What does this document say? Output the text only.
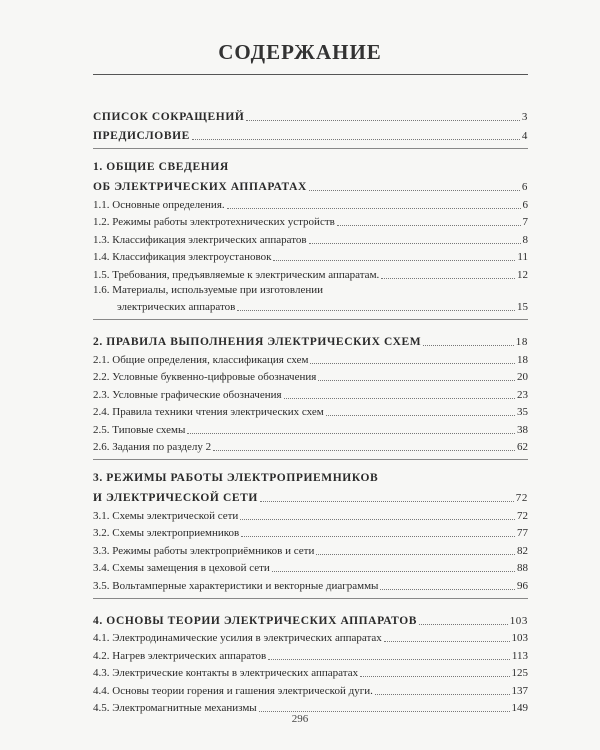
СОДЕРЖАНИЕ
СПИСОК СОКРАЩЕНИЙ	3
ПРЕДИСЛОВИЕ	4
1. ОБЩИЕ СВЕДЕНИЯ
ОБ ЭЛЕКТРИЧЕСКИХ АППАРАТАХ	6
1.1. Основные определения.	6
1.2. Режимы работы электротехнических устройств	7
1.3. Классификация электрических аппаратов	8
1.4. Классификация электроустановок	11
1.5. Требования, предъявляемые к электрическим аппаратам.	12
1.6. Материалы, используемые при изготовлении
электрических аппаратов	15
2. ПРАВИЛА ВЫПОЛНЕНИЯ ЭЛЕКТРИЧЕСКИХ СХЕМ	18
2.1. Общие определения, классификация схем	18
2.2. Условные буквенно-цифровые обозначения	20
2.3. Условные графические обозначения	23
2.4. Правила техники чтения электрических схем	35
2.5. Типовые схемы	38
2.6. Задания по разделу 2	62
3. РЕЖИМЫ РАБОТЫ ЭЛЕКТРОПРИЕМНИКОВ
И ЭЛЕКТРИЧЕСКОЙ СЕТИ	72
3.1. Схемы электрической сети	72
3.2. Схемы электроприемников	77
3.3. Режимы работы электроприёмников и сети	82
3.4. Схемы замещения в цеховой сети	88
3.5. Вольтамперные характеристики и векторные диаграммы	96
4. ОСНОВЫ ТЕОРИИ ЭЛЕКТРИЧЕСКИХ АППАРАТОВ	103
4.1. Электродинамические усилия в электрических аппаратах	103
4.2. Нагрев электрических аппаратов	113
4.3. Электрические контакты в электрических аппаратах	125
4.4. Основы теории горения и гашения электрической дуги.	137
4.5. Электромагнитные механизмы	149
296
